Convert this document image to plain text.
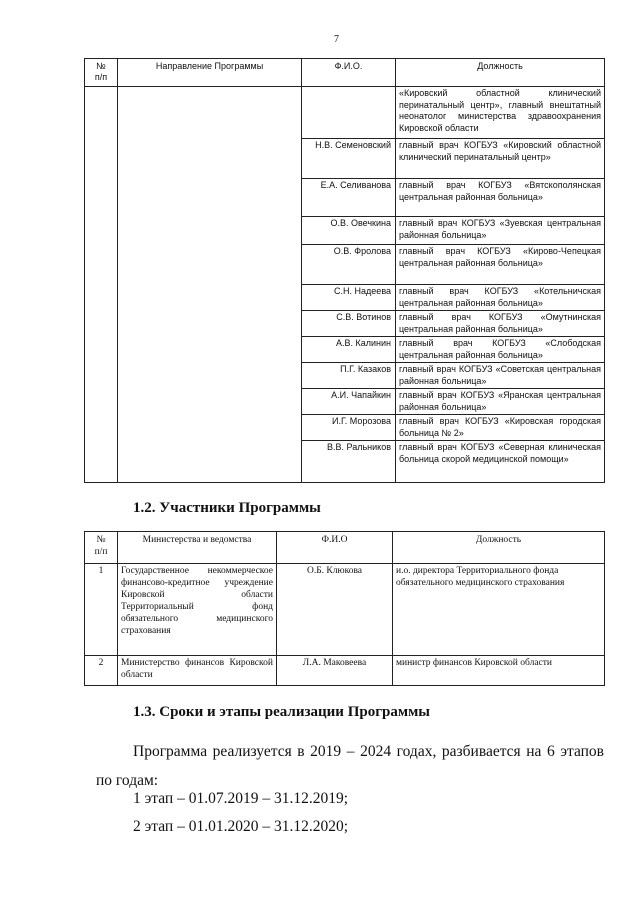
7
№
п/п	Направление Программы	Ф.И.О.	Должность
			«Кировский областной клинический перинатальный центр», главный внештатный неонатолог министерства здравоохранения Кировской области
		Н.В. Семеновский	главный врач КОГБУЗ «Кировский областной клинический перинатальный центр»
		Е.А. Селиванова	главный врач КОГБУЗ «Вятскополянская центральная районная больница»
		О.В. Овечкина	главный врач КОГБУЗ «Зуевская центральная районная больница»
		О.В. Фролова	главный врач КОГБУЗ «Кирово-Чепецкая центральная районная больница»
		С.Н. Надеева	главный врач КОГБУЗ «Котельничская центральная районная больница»
		С.В. Вотинов	главный врач КОГБУЗ «Омутнинская центральная районная больница»
		А.В. Калинин	главный врач КОГБУЗ «Слободская центральная районная больница»
		П.Г. Казаков	главный врач КОГБУЗ «Советская центральная районная больница»
		А.И. Чапайкин	главный врач КОГБУЗ «Яранская центральная районная больница»
		И.Г. Морозова	главный врач КОГБУЗ «Кировская городская больница № 2»
		В.В. Ральников	главный врач КОГБУЗ «Северная клиническая больница скорой медицинской помощи»
1.2. Участники Программы
№
п/п	Министерства и ведомства	Ф.И.О	Должность
1	Государственное некоммерческое финансово-кредитное учреждение Кировской области Территориальный фонд обязательного медицинского страхования	О.Б. Клюкова	и.о. директора Территориального фонда обязательного медицинского страхования
2	Министерство финансов Кировской области	Л.А. Маковеева	министр финансов Кировской области
1.3. Сроки и этапы реализации Программы

Программа реализуется в 2019 – 2024 годах, разбивается на 6 этапов по годам:

1 этап – 01.07.2019 – 31.12.2019;

2 этап – 01.01.2020 – 31.12.2020;
